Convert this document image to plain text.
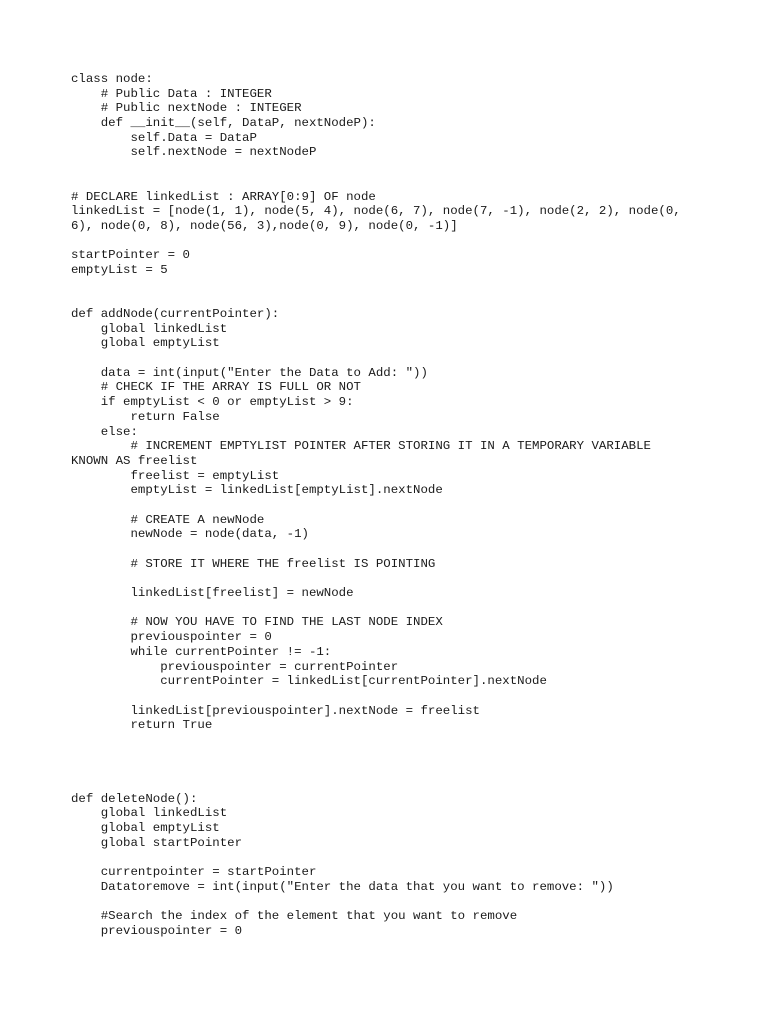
class node:
# Public Data : INTEGER
# Public nextNode : INTEGER
def __init__(self, DataP, nextNodeP):
self.Data = DataP
self.nextNode = nextNodeP
# DECLARE linkedList : ARRAY[0:9] OF node
linkedList = [node(1, 1), node(5, 4), node(6, 7), node(7, -1), node(2, 2), node(0,
6), node(0, 8), node(56, 3),node(0, 9), node(0, -1)]
startPointer = 0
emptyList = 5
def addNode(currentPointer):
global linkedList
global emptyList
data = int(input("Enter the Data to Add: "))
# CHECK IF THE ARRAY IS FULL OR NOT
if emptyList < 0 or emptyList > 9:
return False
else:
# INCREMENT EMPTYLIST POINTER AFTER STORING IT IN A TEMPORARY VARIABLE
KNOWN AS freelist
freelist = emptyList
emptyList = linkedList[emptyList].nextNode
# CREATE A newNode
newNode = node(data, -1)
# STORE IT WHERE THE freelist IS POINTING
linkedList[freelist] = newNode
# NOW YOU HAVE TO FIND THE LAST NODE INDEX
previouspointer = 0
while currentPointer != -1:
previouspointer = currentPointer
currentPointer = linkedList[currentPointer].nextNode
linkedList[previouspointer].nextNode = freelist
return True
def deleteNode():
global linkedList
global emptyList
global startPointer
currentpointer = startPointer
Datatoremove = int(input("Enter the data that you want to remove: "))
#Search the index of the element that you want to remove
previouspointer = 0
